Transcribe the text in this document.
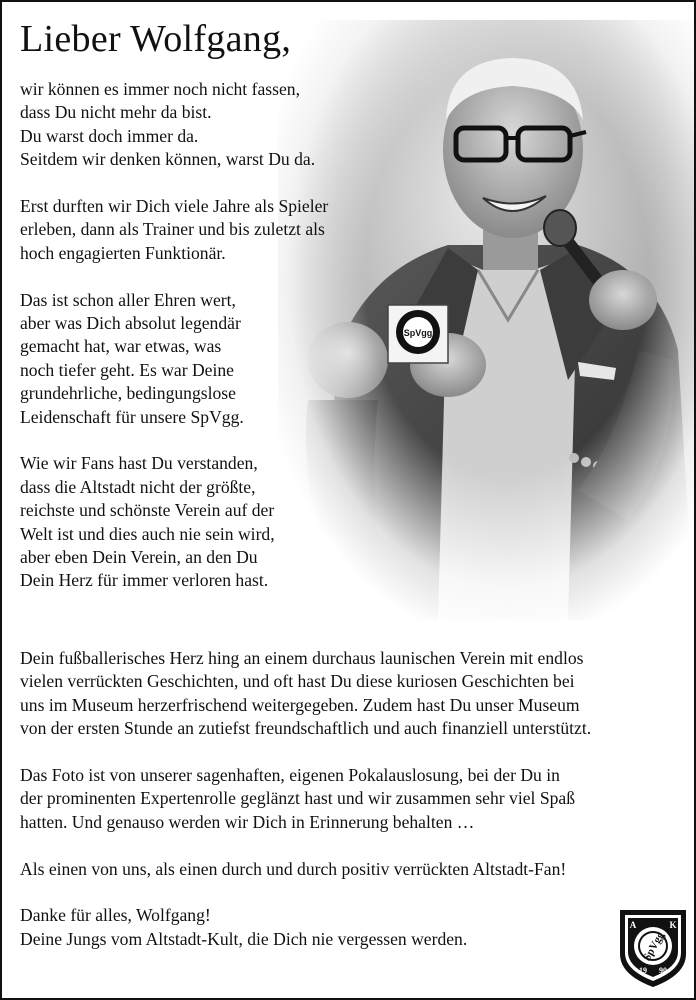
Lieber Wolfgang,

wir können es immer noch nicht fassen,
dass Du nicht mehr da bist.
Du warst doch immer da.
Seitdem wir denken können, warst Du da.

Erst durften wir Dich viele Jahre als Spieler
erleben, dann als Trainer und bis zuletzt als
hoch engagierten Funktionär.

Das ist schon aller Ehren wert,
aber was Dich absolut legendär
gemacht hat, war etwas, was
noch tiefer geht. Es war Deine
grundehrliche, bedingungslose
Leidenschaft für unsere SpVgg.

Wie wir Fans hast Du verstanden,
dass die Altstadt nicht der größte,
reichste und schönste Verein auf der
Welt ist und dies auch nie sein wird,
aber eben Dein Verein, an den Du
Dein Herz für immer verloren hast.

Dein fußballerisches Herz hing an einem durchaus launischen Verein mit endlos
vielen verrückten Geschichten, und oft hast Du diese kuriosen Geschichten bei
uns im Museum herzerfrischend weitergegeben. Zudem hast Du unser Museum
von der ersten Stunde an zutiefst freundschaftlich und auch finanziell unterstützt.

Das Foto ist von unserer sagenhaften, eigenen Pokalauslosung, bei der Du in
der prominenten Expertenrolle geglänzt hast und wir zusammen sehr viel Spaß
hatten. Und genauso werden wir Dich in Erinnerung behalten …

Als einen von uns, als einen durch und durch positiv verrückten Altstadt-Fan!

Danke für alles, Wolfgang!
Deine Jungs vom Altstadt-Kult, die Dich nie vergessen werden.	SpVgg
A	K
19 90
